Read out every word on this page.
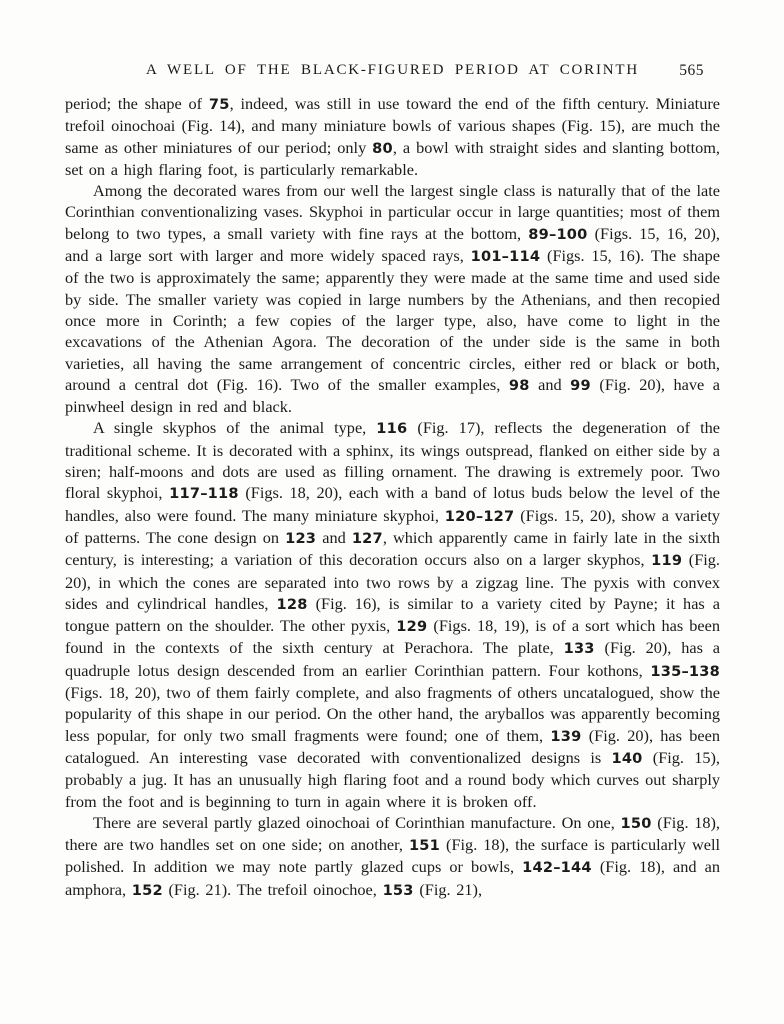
A WELL OF THE BLACK-FIGURED PERIOD AT CORINTH	565

period; the shape of 75, indeed, was still in use toward the end of the fifth century. Miniature trefoil oinochoai (Fig. 14), and many miniature bowls of various shapes (Fig. 15), are much the same as other miniatures of our period; only 80, a bowl with straight sides and slanting bottom, set on a high flaring foot, is particularly remarkable.

Among the decorated wares from our well the largest single class is naturally that of the late Corinthian conventionalizing vases. Skyphoi in particular occur in large quantities; most of them belong to two types, a small variety with fine rays at the bottom, 89–100 (Figs. 15, 16, 20), and a large sort with larger and more widely spaced rays, 101–114 (Figs. 15, 16). The shape of the two is approximately the same; apparently they were made at the same time and used side by side. The smaller variety was copied in large numbers by the Athenians, and then recopied once more in Corinth; a few copies of the larger type, also, have come to light in the excavations of the Athenian Agora. The decoration of the under side is the same in both varieties, all having the same arrangement of concentric circles, either red or black or both, around a central dot (Fig. 16). Two of the smaller examples, 98 and 99 (Fig. 20), have a pinwheel design in red and black.

A single skyphos of the animal type, 116 (Fig. 17), reflects the degeneration of the traditional scheme. It is decorated with a sphinx, its wings outspread, flanked on either side by a siren; half-moons and dots are used as filling ornament. The drawing is extremely poor. Two floral skyphoi, 117–118 (Figs. 18, 20), each with a band of lotus buds below the level of the handles, also were found. The many miniature skyphoi, 120–127 (Figs. 15, 20), show a variety of patterns. The cone design on 123 and 127, which apparently came in fairly late in the sixth century, is interesting; a variation of this decoration occurs also on a larger skyphos, 119 (Fig. 20), in which the cones are separated into two rows by a zigzag line. The pyxis with convex sides and cylindrical handles, 128 (Fig. 16), is similar to a variety cited by Payne; it has a tongue pattern on the shoulder. The other pyxis, 129 (Figs. 18, 19), is of a sort which has been found in the contexts of the sixth century at Perachora. The plate, 133 (Fig. 20), has a quadruple lotus design descended from an earlier Corinthian pattern. Four kothons, 135–138 (Figs. 18, 20), two of them fairly complete, and also fragments of others uncatalogued, show the popularity of this shape in our period. On the other hand, the aryballos was apparently becoming less popular, for only two small fragments were found; one of them, 139 (Fig. 20), has been catalogued. An interesting vase decorated with conventionalized designs is 140 (Fig. 15), probably a jug. It has an unusually high flaring foot and a round body which curves out sharply from the foot and is beginning to turn in again where it is broken off.

There are several partly glazed oinochoai of Corinthian manufacture. On one, 150 (Fig. 18), there are two handles set on one side; on another, 151 (Fig. 18), the surface is particularly well polished. In addition we may note partly glazed cups or bowls, 142–144 (Fig. 18), and an amphora, 152 (Fig. 21). The trefoil oinochoe, 153 (Fig. 21),
